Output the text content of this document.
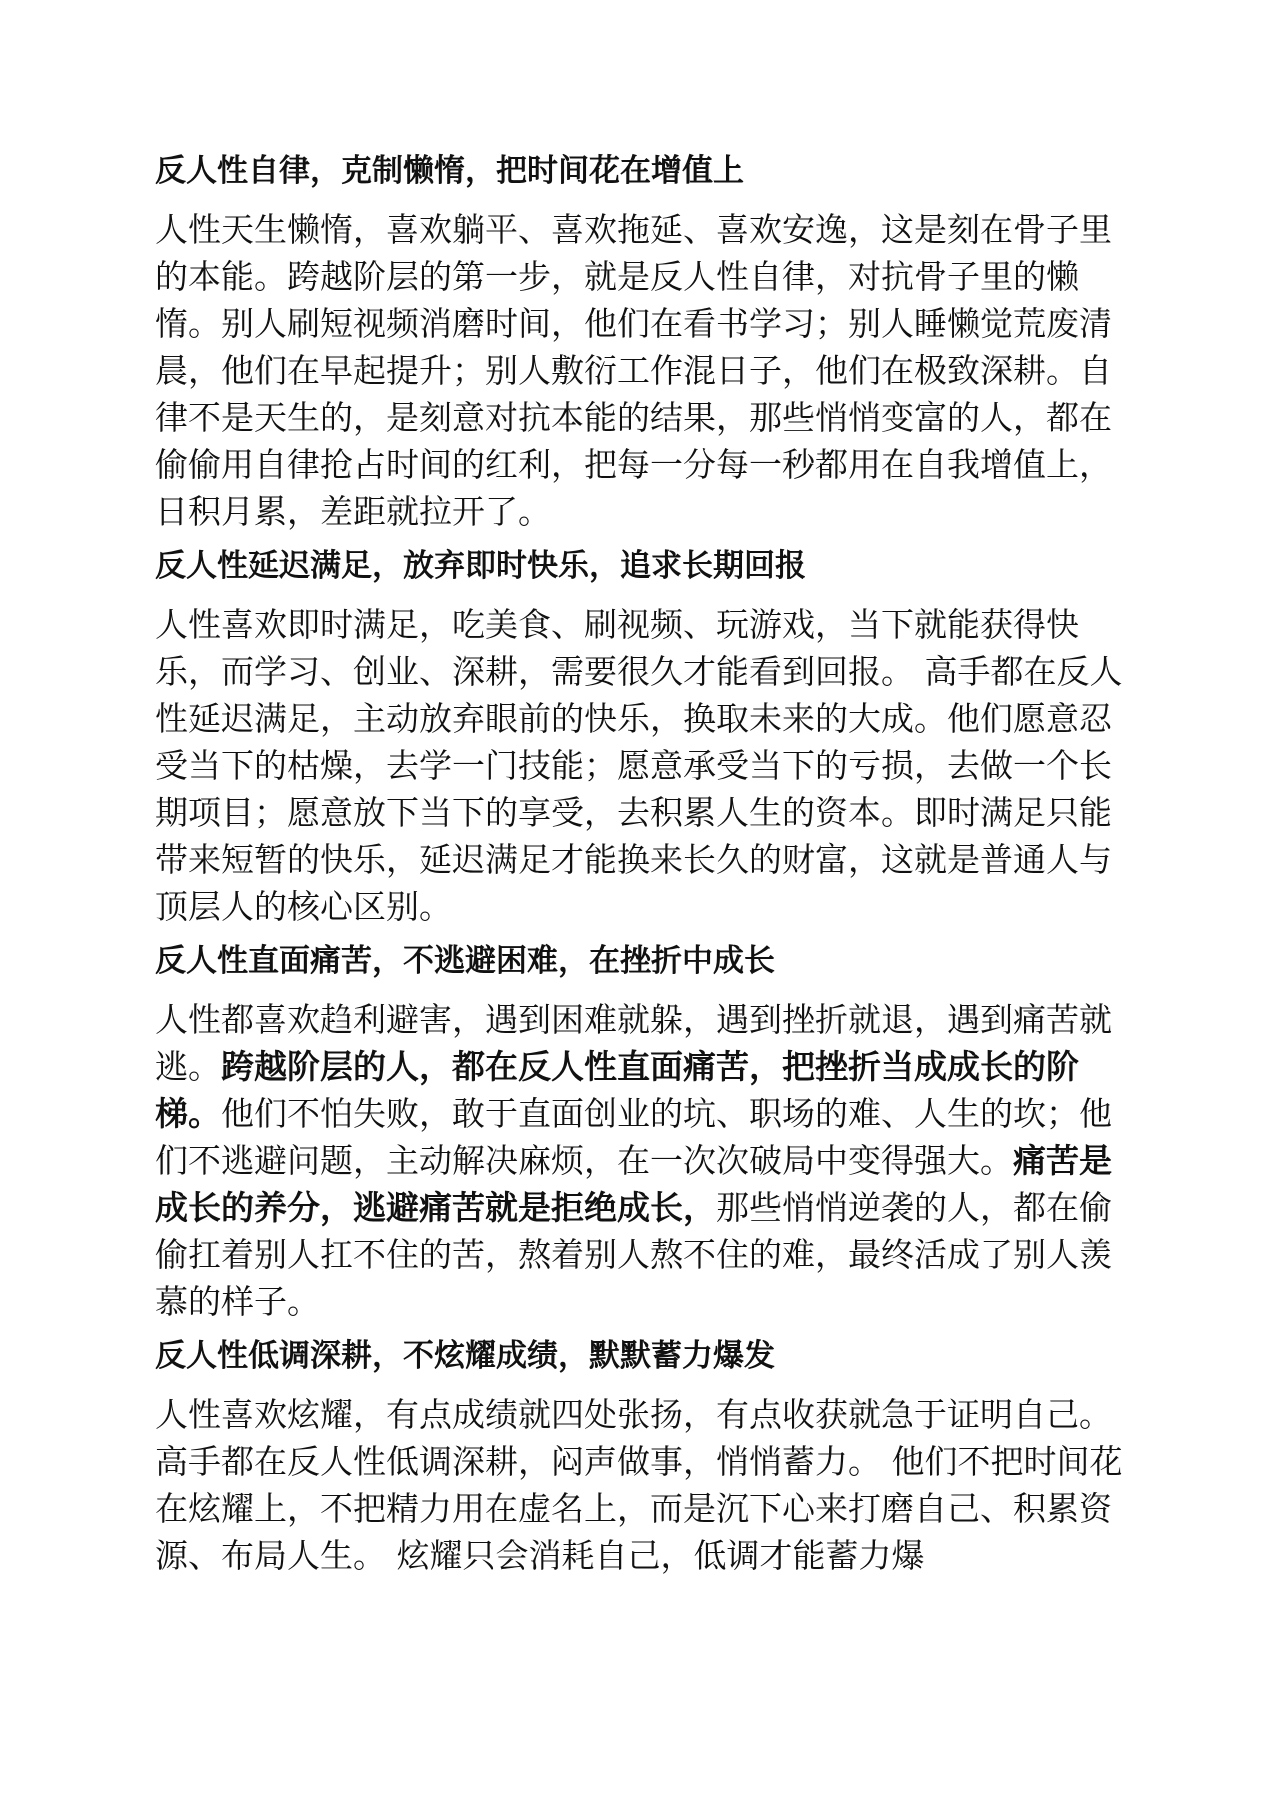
反人性自律，克制懒惰，把时间花在增值上
人性天生懒惰，喜欢躺平、喜欢拖延、喜欢安逸，这是刻在骨子里的本能。跨越阶层的第一步，就是反人性自律，对抗骨子里的懒惰。别人刷短视频消磨时间，他们在看书学习；别人睡懒觉荒废清晨，他们在早起提升；别人敷衍工作混日子，他们在极致深耕。自律不是天生的，是刻意对抗本能的结果，那些悄悄变富的人，都在偷偷用自律抢占时间的红利，把每一分每一秒都用在自我增值上，日积月累，差距就拉开了。
反人性延迟满足，放弃即时快乐，追求长期回报
人性喜欢即时满足，吃美食、刷视频、玩游戏，当下就能获得快乐，而学习、创业、深耕，需要很久才能看到回报。 高手都在反人性延迟满足，主动放弃眼前的快乐，换取未来的大成。他们愿意忍受当下的枯燥，去学一门技能；愿意承受当下的亏损，去做一个长期项目；愿意放下当下的享受，去积累人生的资本。即时满足只能带来短暂的快乐，延迟满足才能换来长久的财富，这就是普通人与顶层人的核心区别。
反人性直面痛苦，不逃避困难，在挫折中成长
人性都喜欢趋利避害，遇到困难就躲，遇到挫折就退，遇到痛苦就逃。跨越阶层的人，都在反人性直面痛苦，把挫折当成成长的阶梯。他们不怕失败，敢于直面创业的坑、职场的难、人生的坎；他们不逃避问题，主动解决麻烦，在一次次破局中变得强大。痛苦是成长的养分，逃避痛苦就是拒绝成长，那些悄悄逆袭的人，都在偷偷扛着别人扛不住的苦，熬着别人熬不住的难，最终活成了别人羡慕的样子。
反人性低调深耕，不炫耀成绩，默默蓄力爆发
人性喜欢炫耀，有点成绩就四处张扬，有点收获就急于证明自己。高手都在反人性低调深耕，闷声做事，悄悄蓄力。 他们不把时间花在炫耀上，不把精力用在虚名上，而是沉下心来打磨自己、积累资源、布局人生。 炫耀只会消耗自己，低调才能蓄力爆
